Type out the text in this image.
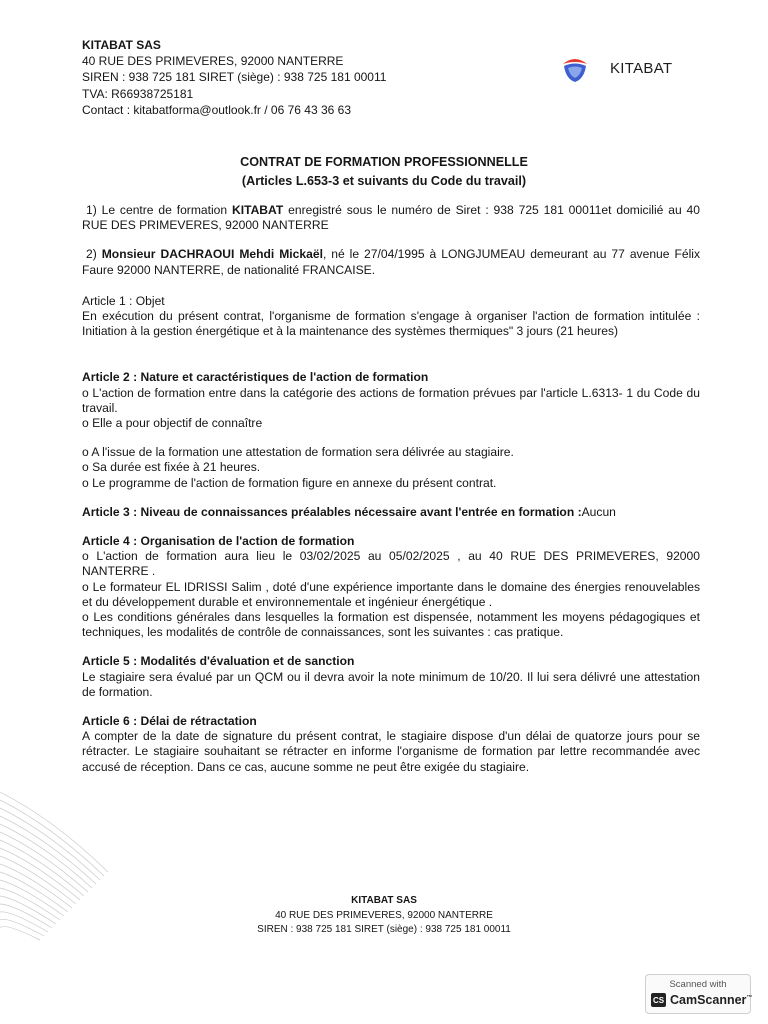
KITABAT SAS
40 RUE DES PRIMEVERES, 92000 NANTERRE
SIREN : 938 725 181 SIRET (siège) : 938 725 181 00011
TVA: R66938725181
Contact : kitabatforma@outlook.fr / 06 76 43 36 63
KITABAT
CONTRAT DE FORMATION PROFESSIONNELLE
(Articles L.653-3 et suivants du Code du travail)

1) Le centre de formation KITABAT enregistré sous le numéro de Siret : 938 725 181 00011et domicilié au 40 RUE DES PRIMEVERES, 92000 NANTERRE

2) Monsieur DACHRAOUI Mehdi Mickaël, né le 27/04/1995 à LONGJUMEAU demeurant au 77 avenue Félix Faure 92000 NANTERRE, de nationalité FRANCAISE.

Article 1 : Objet

En exécution du présent contrat, l'organisme de formation s'engage à organiser l'action de formation intitulée : Initiation à la gestion énergétique et à la maintenance des systèmes thermiques" 3 jours (21 heures)

Article 2 : Nature et caractéristiques de l'action de formation

o L'action de formation entre dans la catégorie des actions de formation prévues par l'article L.6313- 1 du Code du travail.

o Elle a pour objectif de connaître

o A l'issue de la formation une attestation de formation sera délivrée au stagiaire.

o Sa durée est fixée à 21 heures.

o Le programme de l'action de formation figure en annexe du présent contrat.

Article 3 : Niveau de connaissances préalables nécessaire avant l'entrée en formation :Aucun

Article 4 : Organisation de l'action de formation

o L'action de formation aura lieu le 03/02/2025 au 05/02/2025 , au 40 RUE DES PRIMEVERES, 92000 NANTERRE .

o Le formateur EL IDRISSI Salim , doté d'une expérience importante dans le domaine des énergies renouvelables et du développement durable et environnementale et ingénieur énergétique .

o Les conditions générales dans lesquelles la formation est dispensée, notamment les moyens pédagogiques et techniques, les modalités de contrôle de connaissances, sont les suivantes : cas pratique.

Article 5 : Modalités d'évaluation et de sanction

Le stagiaire sera évalué par un QCM ou il devra avoir la note minimum de 10/20. Il lui sera délivré une attestation de formation.

Article 6 : Délai de rétractation

A compter de la date de signature du présent contrat, le stagiaire dispose d'un délai de quatorze jours pour se rétracter. Le stagiaire souhaitant se rétracter en informe l'organisme de formation par lettre recommandée avec accusé de réception. Dans ce cas, aucune somme ne peut être exigée du stagiaire.

KITABAT SAS
40 RUE DES PRIMEVERES, 92000 NANTERRE
SIREN : 938 725 181 SIRET (siège) : 938 725 181 00011
Scanned with
CS CamScanner™
